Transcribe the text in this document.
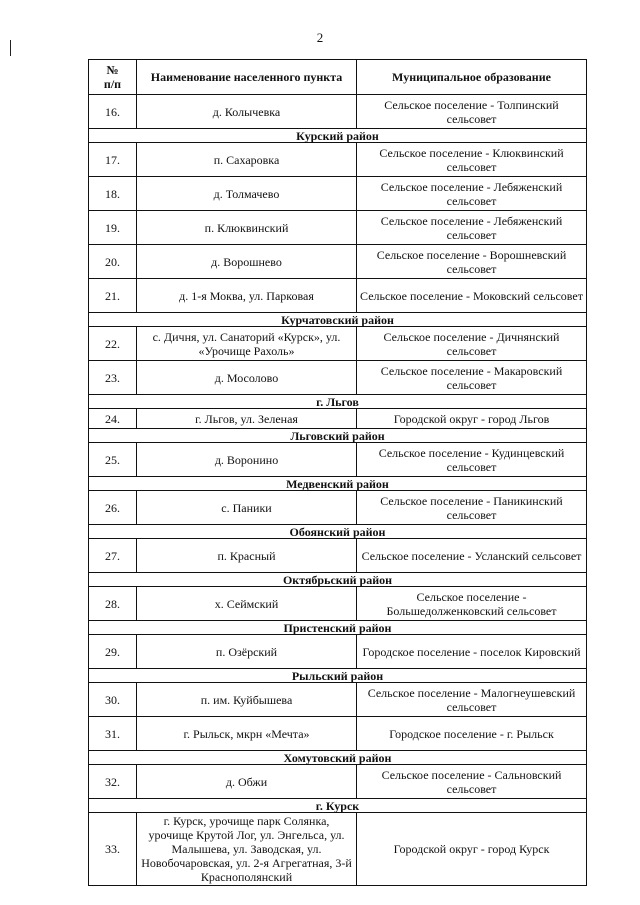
2
№
п/п	Наименование населенного пункта	Муниципальное образование
16.	д. Колычевка	Сельское поселение - Толпинский сельсовет
Курский район		
17.	п. Сахаровка	Сельское поселение - Клюквинский сельсовет
18.	д. Толмачево	Сельское поселение - Лебяженский сельсовет
19.	п. Клюквинский	Сельское поселение - Лебяженский сельсовет
20.	д. Ворошнево	Сельское поселение - Ворошневский сельсовет
21.	д. 1-я Моква, ул. Парковая	Сельское поселение - Моковский сельсовет
Курчатовский район		
22.	с. Дичня, ул. Санаторий «Курск», ул. «Урочище Рахоль»	Сельское поселение - Дичнянский сельсовет
23.	д. Мосолово	Сельское поселение - Макаровский сельсовет
г. Льгов		
24.	г. Льгов, ул. Зеленая	Городской округ - город Льгов
Льговский район		
25.	д. Воронино	Сельское поселение - Кудинцевский сельсовет
Медвенский район		
26.	с. Паники	Сельское поселение - Паникинский сельсовет
Обоянский район		
27.	п. Красный	Сельское поселение - Усланский сельсовет
Октябрьский район		
28.	х. Сеймский	Сельское поселение - Большедолженковский сельсовет
Пристенский район		
29.	п. Озёрский	Городское поселение - поселок Кировский
Рыльский район		
30.	п. им. Куйбышева	Сельское поселение - Малогнеушевский сельсовет
31.	г. Рыльск, мкрн «Мечта»	Городское поселение - г. Рыльск
Хомутовский район		
32.	д. Обжи	Сельское поселение - Сальновский сельсовет
г. Курск		
33.	г. Курск, урочище парк Солянка, урочище Крутой Лог, ул. Энгельса, ул. Малышева, ул. Заводская, ул. Новобочаровская, ул. 2-я Агрегатная, 3-й Краснополянский	Городской округ - город Курск
